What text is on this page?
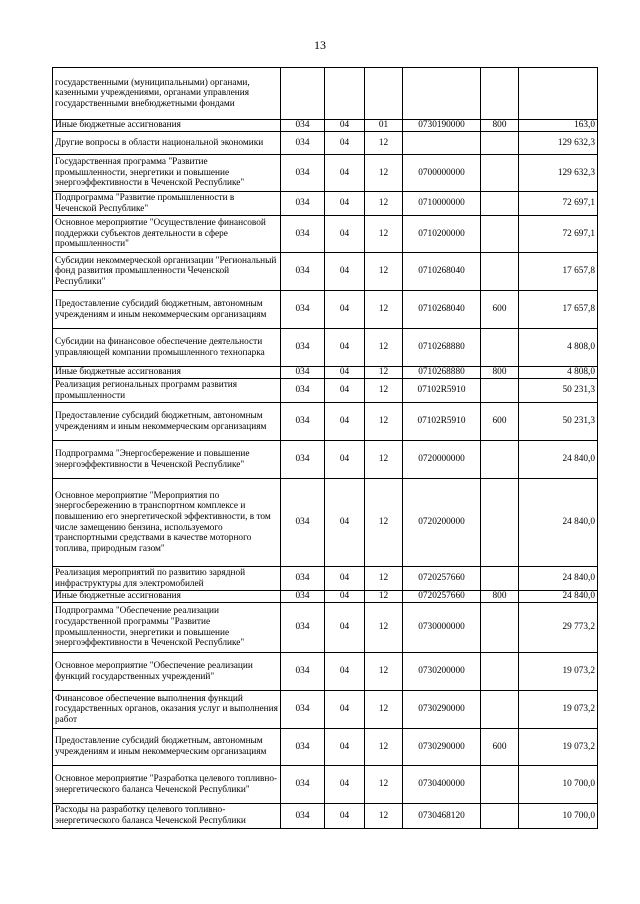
13
государственными (муниципальными) органами, казенными учреждениями, органами управления государственными внебюджетными фондами						
Иные бюджетные ассигнования	034	04	01	0730190000	800	163,0
Другие вопросы в области национальной экономики	034	04	12			129 632,3
Государственная программа "Развитие промышленности, энергетики и повышение энергоэффективности в Чеченской Республике"	034	04	12	0700000000		129 632,3
Подпрограмма "Развитие промышленности в Чеченской Республике"	034	04	12	0710000000		72 697,1
Основное мероприятие "Осуществление финансовой поддержки субъектов деятельности в сфере промышленности"	034	04	12	0710200000		72 697,1
Субсидии некоммерческой организации "Региональный фонд развития промышленности Чеченской Республики"	034	04	12	0710268040		17 657,8
Предоставление субсидий бюджетным, автономным учреждениям и иным некоммерческим организациям	034	04	12	0710268040	600	17 657,8
Субсидии на финансовое обеспечение деятельности управляющей компании промышленного технопарка	034	04	12	0710268880		4 808,0
Иные бюджетные ассигнования	034	04	12	0710268880	800	4 808,0
Реализация региональных программ развития промышленности	034	04	12	07102R5910		50 231,3
Предоставление субсидий бюджетным, автономным учреждениям и иным некоммерческим организациям	034	04	12	07102R5910	600	50 231,3
Подпрограмма "Энергосбережение и повышение энергоэффективности в Чеченской Республике"	034	04	12	0720000000		24 840,0
Основное мероприятие "Мероприятия по энергосбережению в транспортном комплексе и повышению его энергетической эффективности, в том числе замещению бензина, используемого транспортными средствами в качестве моторного топлива, природным газом"	034	04	12	0720200000		24 840,0
Реализация мероприятий по развитию зарядной инфраструктуры для электромобилей	034	04	12	0720257660		24 840,0
Иные бюджетные ассигнования	034	04	12	0720257660	800	24 840,0
Подпрограмма "Обеспечение реализации государственной программы "Развитие промышленности, энергетики и повышение энергоэффективности в Чеченской Республике"	034	04	12	0730000000		29 773,2
Основное мероприятие "Обеспечение реализации функций государственных учреждений"	034	04	12	0730200000		19 073,2
Финансовое обеспечение выполнения функций государственных органов, оказания услуг и выполнения работ	034	04	12	0730290000		19 073,2
Предоставление субсидий бюджетным, автономным учреждениям и иным некоммерческим организациям	034	04	12	0730290000	600	19 073,2
Основное мероприятие "Разработка целевого топливно-энергетического баланса Чеченской Республики"	034	04	12	0730400000		10 700,0
Расходы на разработку целевого топливно-энергетического баланса Чеченской Республики	034	04	12	0730468120		10 700,0
